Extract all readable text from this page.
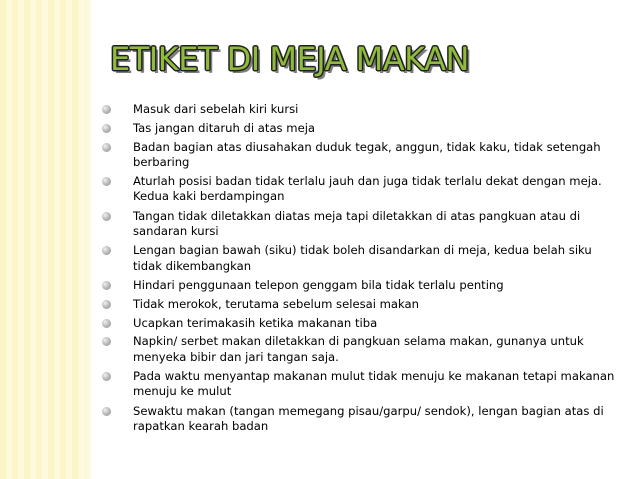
ETIKET DI MEJA MAKAN
Masuk dari sebelah kiri kursi
Tas jangan ditaruh di atas meja
Badan bagian atas diusahakan duduk tegak, anggun, tidak kaku, tidak setengah berbaring
Aturlah posisi badan tidak terlalu jauh dan juga tidak terlalu dekat dengan meja. Kedua kaki berdampingan
Tangan tidak diletakkan diatas meja tapi diletakkan di atas pangkuan atau di sandaran kursi
Lengan bagian bawah (siku) tidak boleh disandarkan di meja, kedua belah siku tidak dikembangkan
Hindari penggunaan telepon genggam bila tidak terlalu penting
Tidak merokok, terutama sebelum selesai makan
Ucapkan terimakasih ketika makanan tiba
Napkin/ serbet makan diletakkan di pangkuan selama makan, gunanya untuk menyeka bibir dan jari tangan saja.
Pada waktu menyantap makanan mulut tidak menuju ke makanan tetapi makanan menuju ke mulut
Sewaktu makan (tangan memegang pisau/garpu/ sendok), lengan bagian atas di rapatkan kearah badan
